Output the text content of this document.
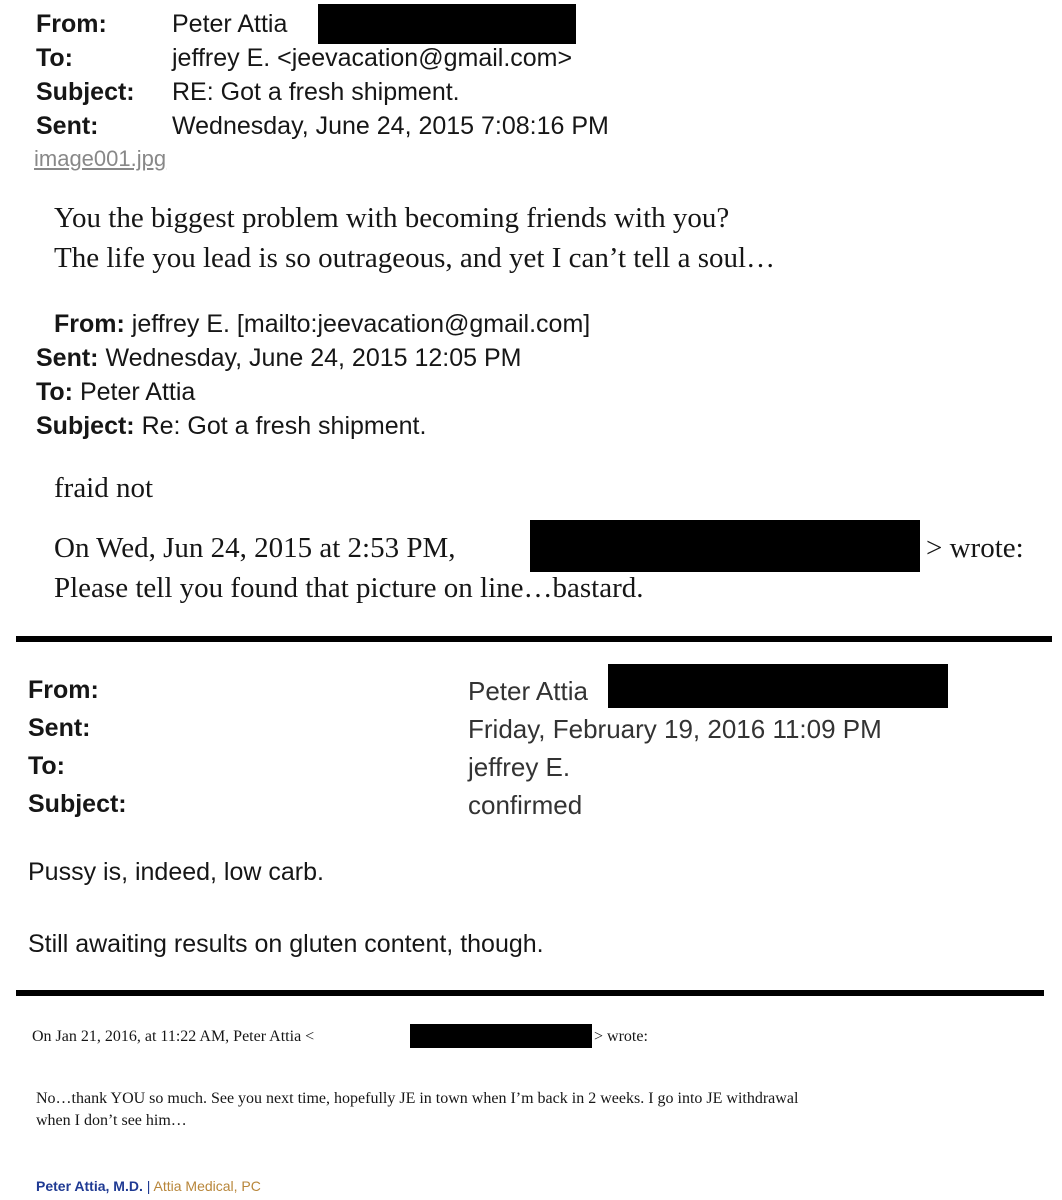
From:	Peter Attia
To:	jeffrey E. <jeevacation@gmail.com>
Subject: RE: Got a fresh shipment.
Sent:	Wednesday, June 24, 2015 7:08:16 PM
image001.jpg
You the biggest problem with becoming friends with you?
The life you lead is so outrageous, and yet I can’t tell a soul…
From: jeffrey E. [mailto:jeevacation@gmail.com]
Sent: Wednesday, June 24, 2015 12:05 PM
To: Peter Attia
Subject: Re: Got a fresh shipment.
fraid not
On Wed, Jun 24, 2015 at 2:53 PM,	> wrote:
Please tell you found that picture on line…bastard.
From:	Peter Attia
Sent:	Friday, February 19, 2016 11:09 PM
To:	jeffrey E.
Subject:	confirmed
Pussy is, indeed, low carb.
Still awaiting results on gluten content, though.
On Jan 21, 2016, at 11:22 AM, Peter Attia <	> wrote:
No…thank YOU so much. See you next time, hopefully JE in town when I’m back in 2 weeks. I go into JE withdrawal
when I don’t see him…
Peter Attia, M.D. | Attia Medical, PC
